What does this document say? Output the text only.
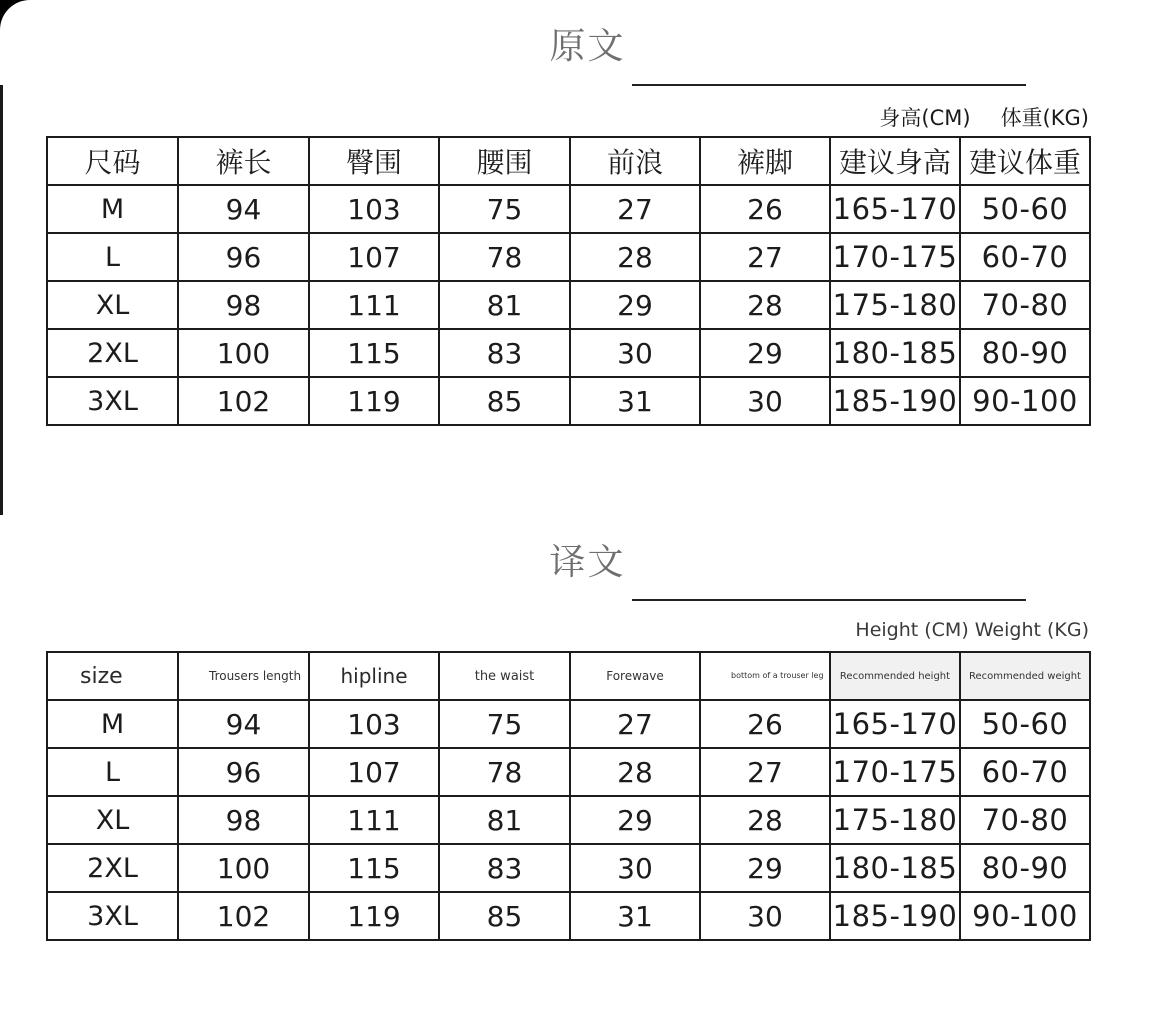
原文
身高(CM) 体重(KG)
尺码	裤长	臀围	腰围	前浪	裤脚	建议身高	建议体重
M	94	103	75	27	26	165-170	50-60
L	96	107	78	28	27	170-175	60-70
XL	98	111	81	29	28	175-180	70-80
2XL	100	115	83	30	29	180-185	80-90
3XL	102	119	85	31	30	185-190	90-100
译文
Height (CM) Weight (KG)
size	Trousers length	hipline	the waist	Forewave	bottom of a trouser leg	Recommended height	Recommended weight
M	94	103	75	27	26	165-170	50-60
L	96	107	78	28	27	170-175	60-70
XL	98	111	81	29	28	175-180	70-80
2XL	100	115	83	30	29	180-185	80-90
3XL	102	119	85	31	30	185-190	90-100
